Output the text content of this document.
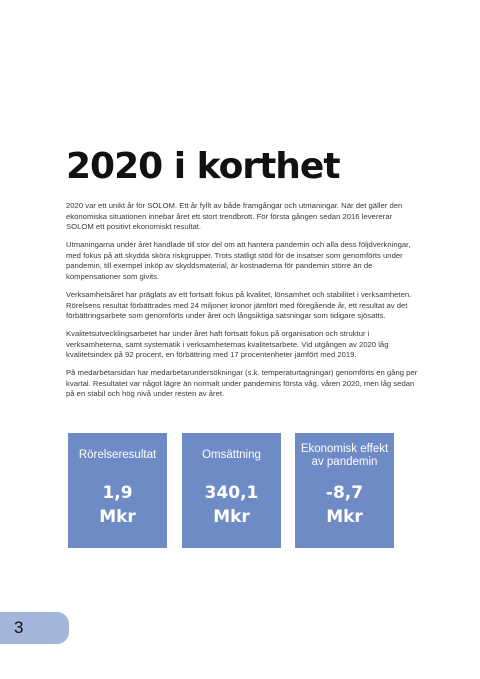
2020 i korthet

2020 var ett unikt år för SOLOM. Ett år fyllt av både framgångar och utmaningar. När det gäller den ekonomiska situationen innebar året ett stort trendbrott. För första gången sedan 2016 levererar SOLOM ett positivt ekonomiskt resultat.

Utmaningarna under året handlade till stor del om att hantera pandemin och alla dess följdverkningar, med fokus på att skydda sköra riskgrupper. Trots statligt stöd för de insatser som genomförts under pandemin, till exempel inköp av skyddsmaterial, är kostnaderna för pandemin större än de kompensationer som givits.

Verksamhetsåret har präglats av ett fortsatt fokus på kvalitet, lönsamhet och stabilitet i verksamheten. Rörelsens resultat förbättrades med 24 miljoner kronor jämfört med föregående år, ett resultat av det förbättringsarbete som genomförts under året och långsiktiga satsningar som tidigare sjösatts.

Kvalitetsutvecklingsarbetet har under året haft fortsatt fokus på organisation och struktur i verksamheterna, samt systematik i verksamheternas kvalitetsarbete. Vid utgången av 2020 låg kvalitetsindex på 92 procent, en förbättring med 17 procentenheter jämfört med 2019.

På medarbetarsidan har medarbetarundersökningar (s.k. temperaturtagningar) genomförts en gång per kvartal. Resultatet var något lägre än normalt under pandemins första våg, våren 2020, men låg sedan på en stabil och hög nivå under resten av året.

Rörelseresultat
1,9
Mkr
Omsättning
340,1
Mkr
Ekonomisk effekt av pandemin
-8,7
Mkr
3
